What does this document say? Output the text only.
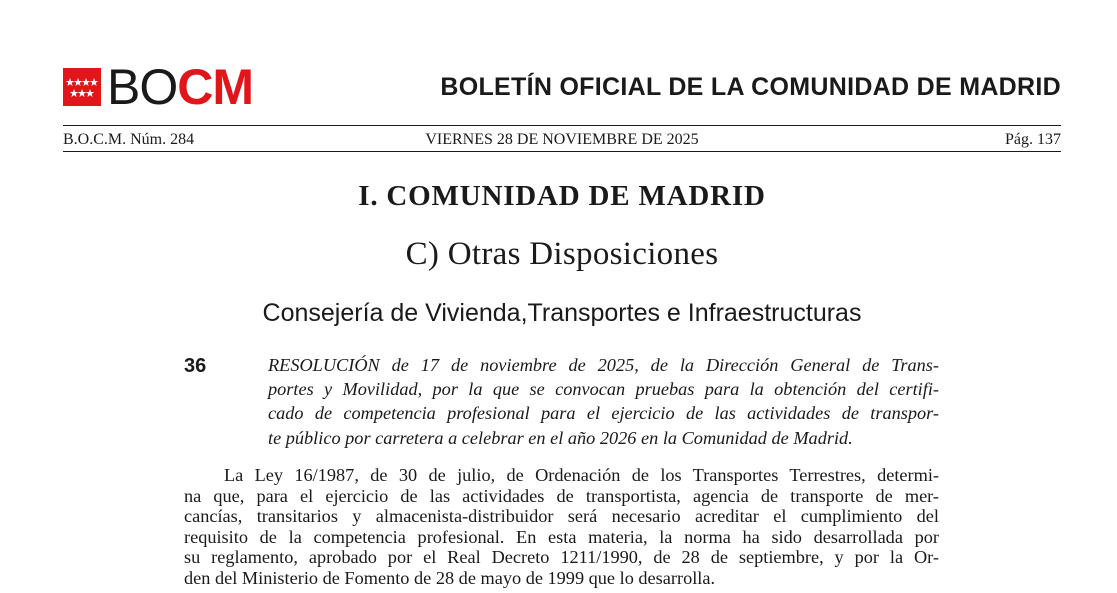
BOCM	BOLETÍN OFICIAL DE LA COMUNIDAD DE MADRID
B.O.C.M. Núm. 284	VIERNES 28 DE NOVIEMBRE DE 2025	Pág. 137
I. COMUNIDAD DE MADRID
C) Otras Disposiciones
Consejería de Vivienda,Transportes e Infraestructuras
36	RESOLUCIÓN de 17 de noviembre de 2025, de la Dirección General de Trans-
portes y Movilidad, por la que se convocan pruebas para la obtención del certifi-
cado de competencia profesional para el ejercicio de las actividades de transpor-
te público por carretera a celebrar en el año 2026 en la Comunidad de Madrid.
La Ley 16/1987, de 30 de julio, de Ordenación de los Transportes Terrestres, determi-
na que, para el ejercicio de las actividades de transportista, agencia de transporte de mer-
cancías, transitarios y almacenista-distribuidor será necesario acreditar el cumplimiento del
requisito de la competencia profesional. En esta materia, la norma ha sido desarrollada por
su reglamento, aprobado por el Real Decreto 1211/1990, de 28 de septiembre, y por la Or-
den del Ministerio de Fomento de 28 de mayo de 1999 que lo desarrolla.
